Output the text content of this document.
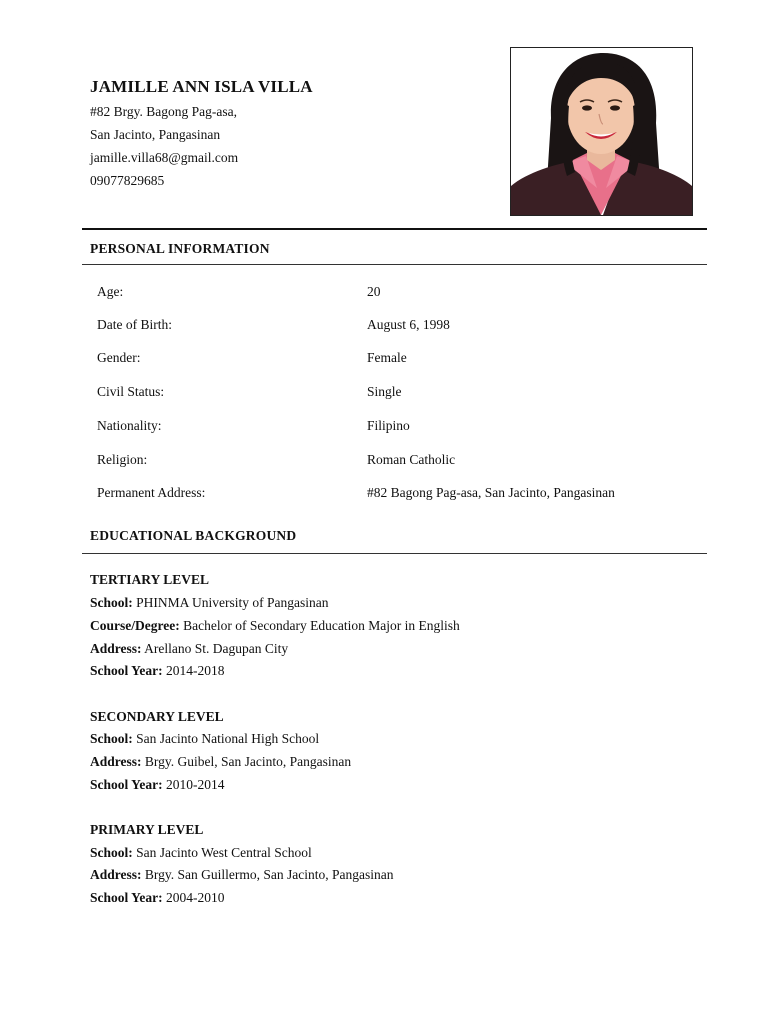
JAMILLE ANN ISLA VILLA
#82 Brgy. Bagong Pag-asa,
San Jacinto, Pangasinan
jamille.villa68@gmail.com
09077829685
PERSONAL INFORMATION
Age:	20
Date of Birth:	August 6, 1998
Gender:	Female
Civil Status:	Single
Nationality:	Filipino
Religion:	Roman Catholic
Permanent Address:	#82 Bagong Pag-asa, San Jacinto, Pangasinan
EDUCATIONAL BACKGROUND
TERTIARY LEVEL
School: PHINMA University of Pangasinan
Course/Degree: Bachelor of Secondary Education Major in English
Address: Arellano St. Dagupan City
School Year: 2014-2018
SECONDARY LEVEL
School: San Jacinto National High School
Address: Brgy. Guibel, San Jacinto, Pangasinan
School Year: 2010-2014
PRIMARY LEVEL
School: San Jacinto West Central School
Address: Brgy. San Guillermo, San Jacinto, Pangasinan
School Year: 2004-2010
